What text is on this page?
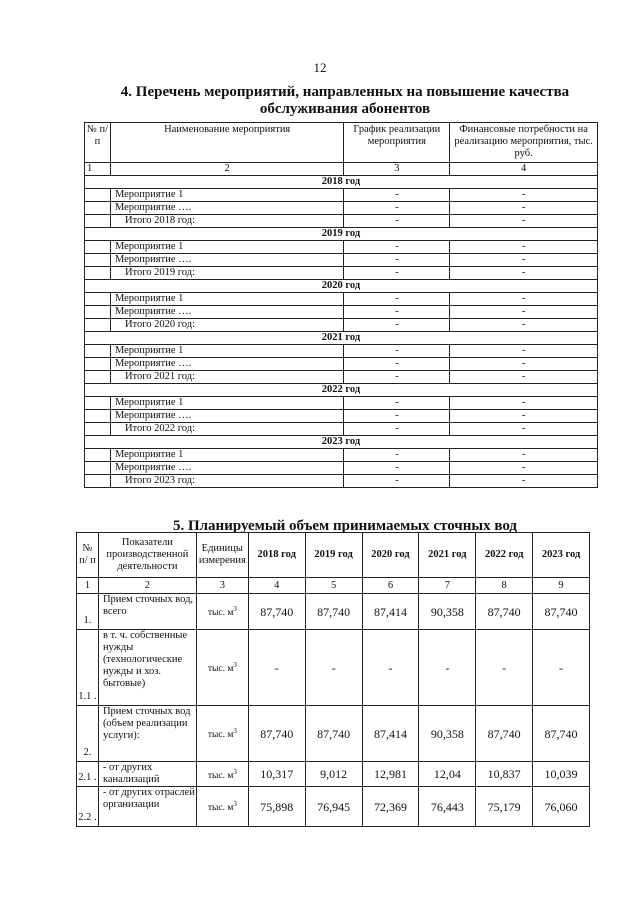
12
4. Перечень мероприятий, направленных на повышение качества обслуживания абонентов
№ п/п	Наименование мероприятия	График реализации мероприятия	Финансовые потребности на реализацию мероприятия, тыс. руб.
1	2	3	4
2018 год			
	Мероприятие 1	-	-
	Мероприятие ….	-	-
	Итого 2018 год:	-	-
2019 год			
	Мероприятие 1	-	-
	Мероприятие ….	-	-
	Итого 2019 год:	-	-
2020 год			
	Мероприятие 1	-	-
	Мероприятие ….	-	-
	Итого 2020 год:	-	-
2021 год			
	Мероприятие 1	-	-
	Мероприятие ….	-	-
	Итого 2021 год:	-	-
2022 год			
	Мероприятие 1	-	-
	Мероприятие ….	-	-
	Итого 2022 год:	-	-
2023 год			
	Мероприятие 1	-	-
	Мероприятие ….	-	-
	Итого 2023 год:	-	-
5. Планируемый объем принимаемых сточных вод
№ п/ п	Показатели производственной деятельности	Единицы измерения	2018 год	2019 год	2020 год	2021 год	2022 год	2023 год
1	2	3	4	5	6	7	8	9
1.	Прием сточных вод, всего	тыс. $м^3$	87,740	87,740	87,414	90,358	87,740	87,740
1.1 .	в т. ч. собственные нужды (технологические нужды и хоз. бытовые)	тыс. $м^3$	-	-	-	-	-	-
2.	Прием сточных вод (объем реализации услуги):	тыс. $м^3$	87,740	87,740	87,414	90,358	87,740	87,740
2.1 .	- от других канализаций	тыс. $м^3$	10,317	9,012	12,981	12,04	10,837	10,039
2.2 .	- от других отраслей организации	тыс. $м^3$	75,898	76,945	72,369	76,443	75,179	76,060
